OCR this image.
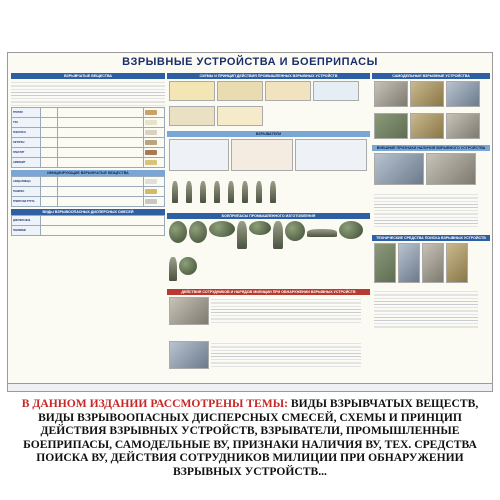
ВЗРЫВНЫЕ УСТРОЙСТВА И БОЕПРИПАСЫ
ВЗРЫВЧАТЫЕ ВЕЩЕСТВА
ТРОТИЛ			
ТЭН			
ГЕКСОГЕН			
ОКТОГЕН			
ПЛАСТИТ			
АММОНИТ			
ИНИЦИИРУЮЩИЕ ВЗРЫВЧАТЫЕ ВЕЩЕСТВА
АЗИД СВИНЦА			
ТЕНЕРЕС			
ГРЕМУЧАЯ РТУТЬ			
ВИДЫ ВЗРЫВООПАСНЫХ ДИСПЕРСНЫХ СМЕСЕЙ
ДИСПЕРСНЫЕ	
ПЫЛЕВЫЕ	
СХЕМЫ И ПРИНЦИП ДЕЙСТВИЯ ПРОМЫШЛЕННЫХ ВЗРЫВНЫХ УСТРОЙСТВ
ВЗРЫВАТЕЛИ
БОЕПРИПАСЫ ПРОМЫШЛЕННОГО ИЗГОТОВЛЕНИЯ
ДЕЙСТВИЯ СОТРУДНИКОВ И НАРЯДОВ МИЛИЦИИ ПРИ ОБНАРУЖЕНИИ ВЗРЫВНЫХ УСТРОЙСТВ
САМОДЕЛЬНЫЕ ВЗРЫВНЫЕ УСТРОЙСТВА
ВНЕШНИЕ ПРИЗНАКИ НАЛИЧИЯ ВЗРЫВНОГО УСТРОЙСТВА
ТЕХНИЧЕСКИЕ СРЕДСТВА ПОИСКА ВЗРЫВНЫХ УСТРОЙСТВ
В ДАННОМ ИЗДАНИИ РАССМОТРЕНЫ ТЕМЫ: ВИДЫ ВЗРЫВЧАТЫХ ВЕЩЕСТВ, ВИДЫ ВЗРЫВООПАСНЫХ ДИСПЕРСНЫХ СМЕСЕЙ, СХЕМЫ И ПРИНЦИП ДЕЙСТВИЯ ВЗРЫВНЫХ УСТРОЙСТВ, ВЗРЫВАТЕЛИ, ПРОМЫШЛЕННЫЕ БОЕПРИПАСЫ, САМОДЕЛЬНЫЕ ВУ, ПРИЗНАКИ НАЛИЧИЯ ВУ, ТЕХ. СРЕДСТВА ПОИСКА ВУ, ДЕЙСТВИЯ СОТРУДНИКОВ МИЛИЦИИ ПРИ ОБНАРУЖЕНИИ ВЗРЫВНЫХ УСТРОЙСТВ...
